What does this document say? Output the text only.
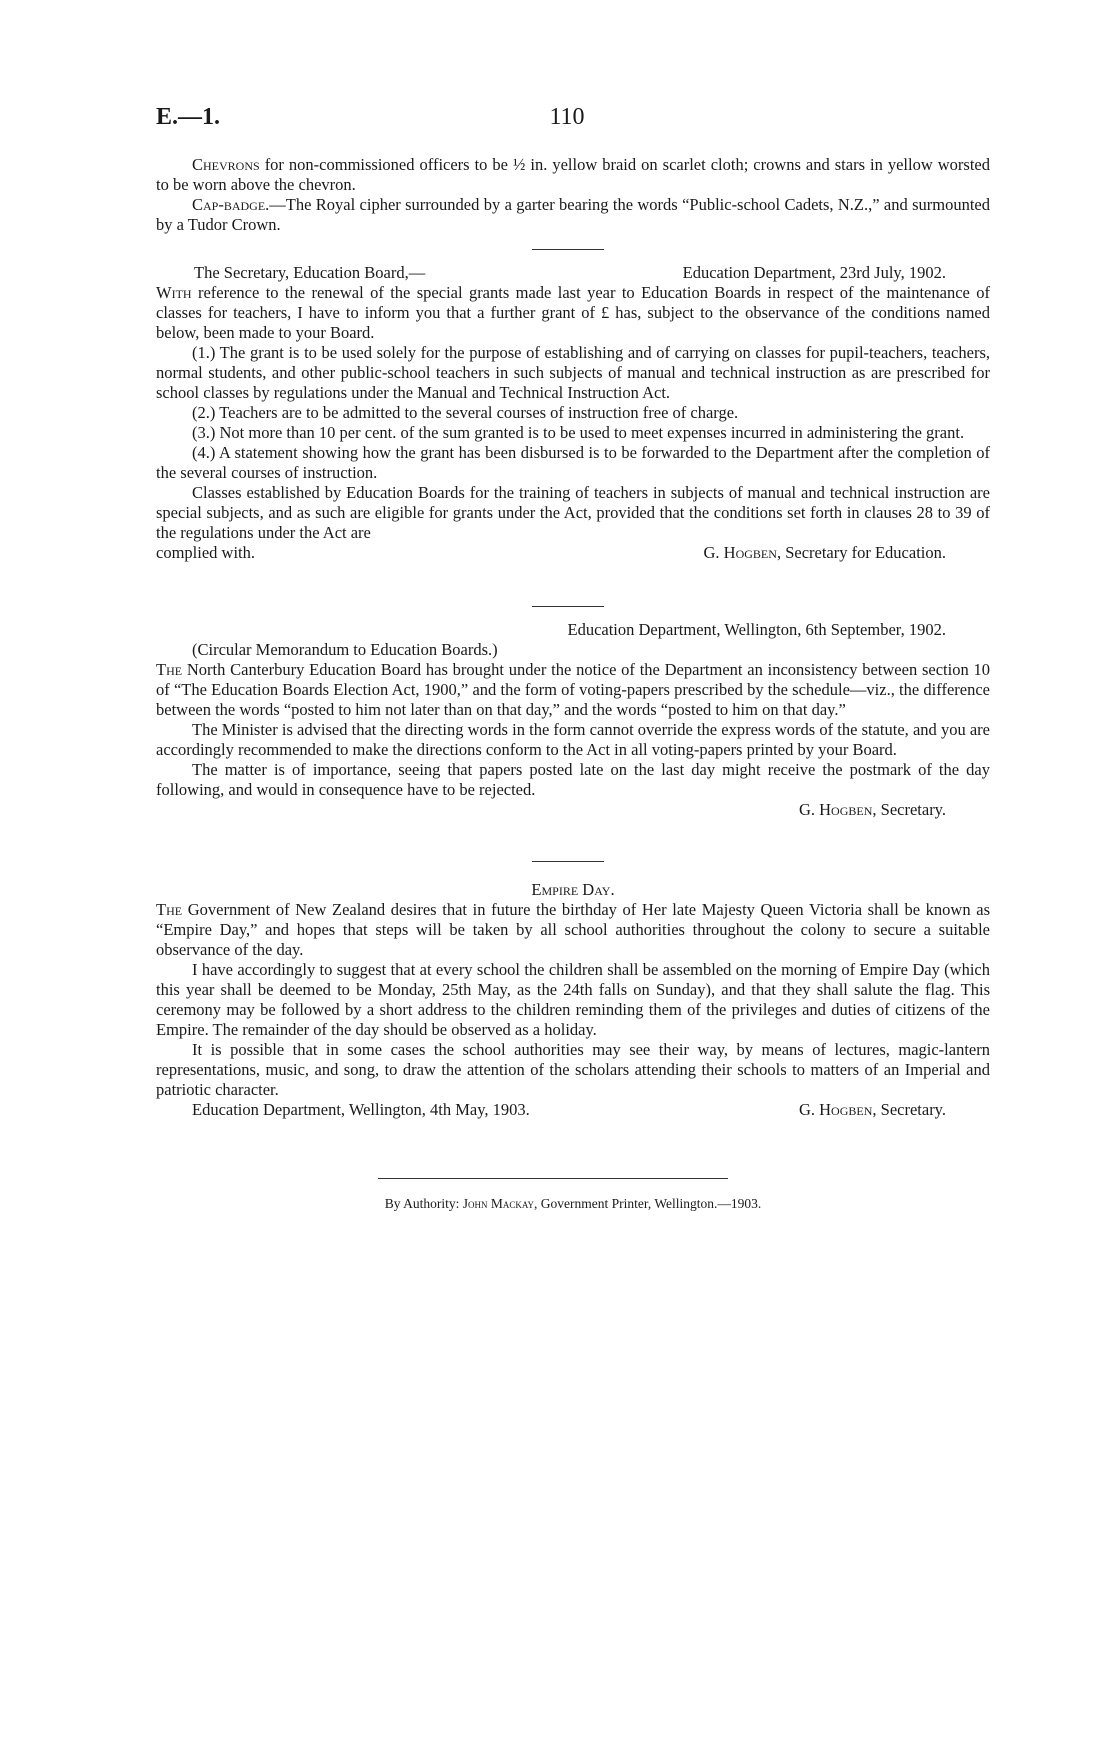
E.—1.	110

Chevrons for non-commissioned officers to be ½ in. yellow braid on scarlet cloth; crowns and stars in yellow worsted to be worn above the chevron.

Cap-badge.—The Royal cipher surrounded by a garter bearing the words “Public-school Cadets, N.Z.,” and surmounted by a Tudor Crown.

The Secretary, Education Board,—	Education Department, 23rd July, 1902.

With reference to the renewal of the special grants made last year to Education Boards in respect of the maintenance of classes for teachers, I have to inform you that a further grant of £ has, subject to the observance of the conditions named below, been made to your Board.

(1.) The grant is to be used solely for the purpose of establishing and of carrying on classes for pupil-teachers, teachers, normal students, and other public-school teachers in such subjects of manual and technical instruction as are prescribed for school classes by regulations under the Manual and Technical Instruction Act.

(2.) Teachers are to be admitted to the several courses of instruction free of charge.

(3.) Not more than 10 per cent. of the sum granted is to be used to meet expenses incurred in administering the grant.

(4.) A statement showing how the grant has been disbursed is to be forwarded to the Department after the completion of the several courses of instruction.

Classes established by Education Boards for the training of teachers in subjects of manual and technical instruction are special subjects, and as such are eligible for grants under the Act, provided that the conditions set forth in clauses 28 to 39 of the regulations under the Act are

complied with.	G. Hogben, Secretary for Education.
Education Department, Wellington, 6th September, 1902.
(Circular Memorandum to Education Boards.)

The North Canterbury Education Board has brought under the notice of the Department an inconsistency between section 10 of “The Education Boards Election Act, 1900,” and the form of voting-papers prescribed by the schedule—viz., the difference between the words “posted to him not later than on that day,” and the words “posted to him on that day.”

The Minister is advised that the directing words in the form cannot override the express words of the statute, and you are accordingly recommended to make the directions conform to the Act in all voting-papers printed by your Board.

The matter is of importance, seeing that papers posted late on the last day might receive the postmark of the day following, and would in consequence have to be rejected.

G. Hogben, Secretary.
Empire Day.

The Government of New Zealand desires that in future the birthday of Her late Majesty Queen Victoria shall be known as “Empire Day,” and hopes that steps will be taken by all school authorities throughout the colony to secure a suitable observance of the day.

I have accordingly to suggest that at every school the children shall be assembled on the morning of Empire Day (which this year shall be deemed to be Monday, 25th May, as the 24th falls on Sunday), and that they shall salute the flag. This ceremony may be followed by a short address to the children reminding them of the privileges and duties of citizens of the Empire. The remainder of the day should be observed as a holiday.

It is possible that in some cases the school authorities may see their way, by means of lectures, magic-lantern representations, music, and song, to draw the attention of the scholars attending their schools to matters of an Imperial and patriotic character.

Education Department, Wellington, 4th May, 1903.	G. Hogben, Secretary.
By Authority: John Mackay, Government Printer, Wellington.—1903.
